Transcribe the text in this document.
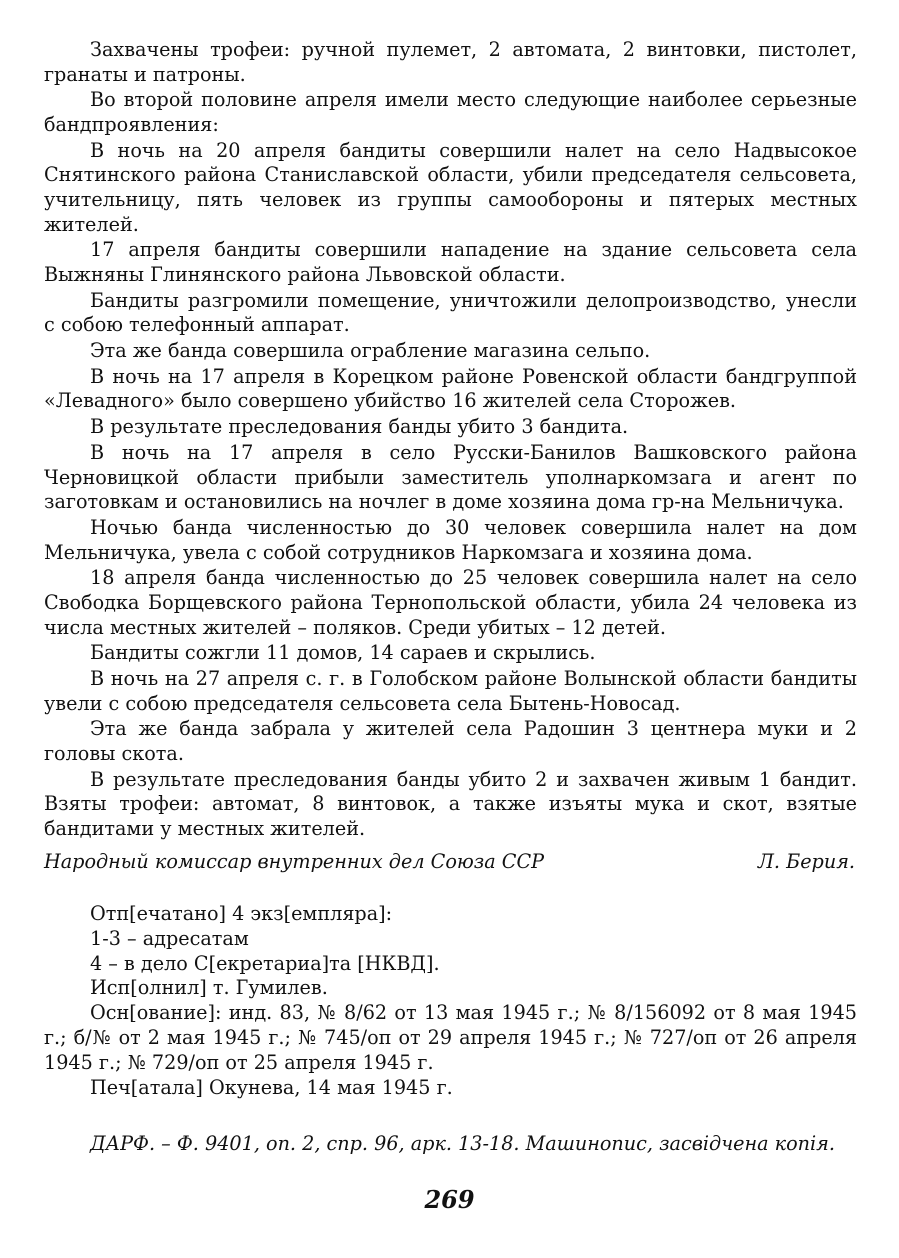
Захвачены трофеи: ручной пулемет, 2 автомата, 2 винтовки, пистолет, гранаты и патроны.

Во второй половине апреля имели место следующие наиболее серьезные бандпроявления:

В ночь на 20 апреля бандиты совершили налет на село Надвысокое Снятинского района Станиславской области, убили председателя сельсовета, учительницу, пять человек из группы самообороны и пятерых местных жителей.

17 апреля бандиты совершили нападение на здание сельсовета села Выжняны Глинянского района Львовской области.

Бандиты разгромили помещение, уничтожили делопроизводство, унесли с собою телефонный аппарат.

Эта же банда совершила ограбление магазина сельпо.

В ночь на 17 апреля в Корецком районе Ровенской области бандгруппой «Левадного» было совершено убийство 16 жителей села Сторожев.

В результате преследования банды убито 3 бандита.

В ночь на 17 апреля в село Русски-Банилов Вашковского района Черновицкой области прибыли заместитель уполнаркомзага и агент по заготовкам и остановились на ночлег в доме хозяина дома гр-на Мельничука.

Ночью банда численностью до 30 человек совершила налет на дом Мельничука, увела с собой сотрудников Наркомзага и хозяина дома.

18 апреля банда численностью до 25 человек совершила налет на село Свободка Борщевского района Тернопольской области, убила 24 человека из числа местных жителей – поляков. Среди убитых – 12 детей.

Бандиты сожгли 11 домов, 14 сараев и скрылись.

В ночь на 27 апреля с. г. в Голобском районе Волынской области бандиты увели с собою председателя сельсовета села Бытень-Новосад.

Эта же банда забрала у жителей села Радошин 3 центнера муки и 2 головы скота.

В результате преследования банды убито 2 и захвачен живым 1 бандит. Взяты трофеи: автомат, 8 винтовок, а также изъяты мука и скот, взятые бандитами у местных жителей.

Народный комиссар внутренних дел Союза ССР	Л. Берия.

Отп[ечатано] 4 экз[емпляра]:

1-3 – адресатам

4 – в дело С[екретариа]та [НКВД].

Исп[олнил] т. Гумилев.

Осн[ование]: инд. 83, № 8/62 от 13 мая 1945 г.; № 8/156092 от 8 мая 1945 г.; б/№ от 2 мая 1945 г.; № 745/оп от 29 апреля 1945 г.; № 727/оп от 26 апреля 1945 г.; № 729/оп от 25 апреля 1945 г.

Печ[атала] Окунева, 14 мая 1945 г.

ДАРФ. – Ф. 9401, оп. 2, спр. 96, арк. 13-18. Машинопис, засвідчена копія.
269
